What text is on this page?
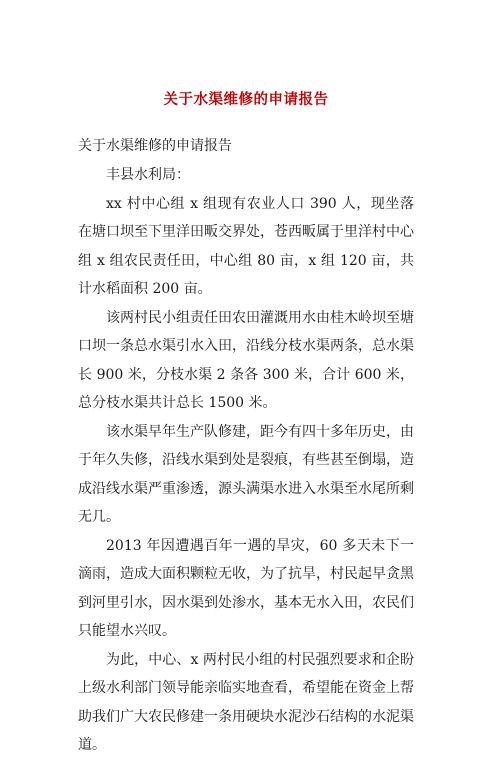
关于水渠维修的申请报告

关于水渠维修的申请报告

丰县水利局：

xx 村中心组 x 组现有农业人口 390 人，现坐落在塘口坝至下里洋田畈交界处，苍西畈属于里洋村中心组 x 组农民责任田，中心组 80 亩，x 组 120 亩，共计水稻面积 200 亩。

该两村民小组责任田农田灌溉用水由桂木岭坝至塘口坝一条总水渠引水入田，沿线分枝水渠两条，总水渠长 900 米，分枝水渠 2 条各 300 米，合计 600 米，总分枝水渠共计总长 1500 米。

该水渠早年生产队修建，距今有四十多年历史，由于年久失修，沿线水渠到处是裂痕，有些甚至倒塌，造成沿线水渠严重渗透，源头满渠水进入水渠至水尾所剩无几。

2013 年因遭遇百年一遇的旱灾，60 多天未下一滴雨，造成大面积颗粒无收，为了抗旱，村民起早贪黑到河里引水，因水渠到处渗水，基本无水入田，农民们只能望水兴叹。

为此，中心、x 两村民小组的村民强烈要求和企盼上级水利部门领导能亲临实地查看，希望能在资金上帮助我们广大农民修建一条用硬块水泥沙石结构的水泥渠道。
